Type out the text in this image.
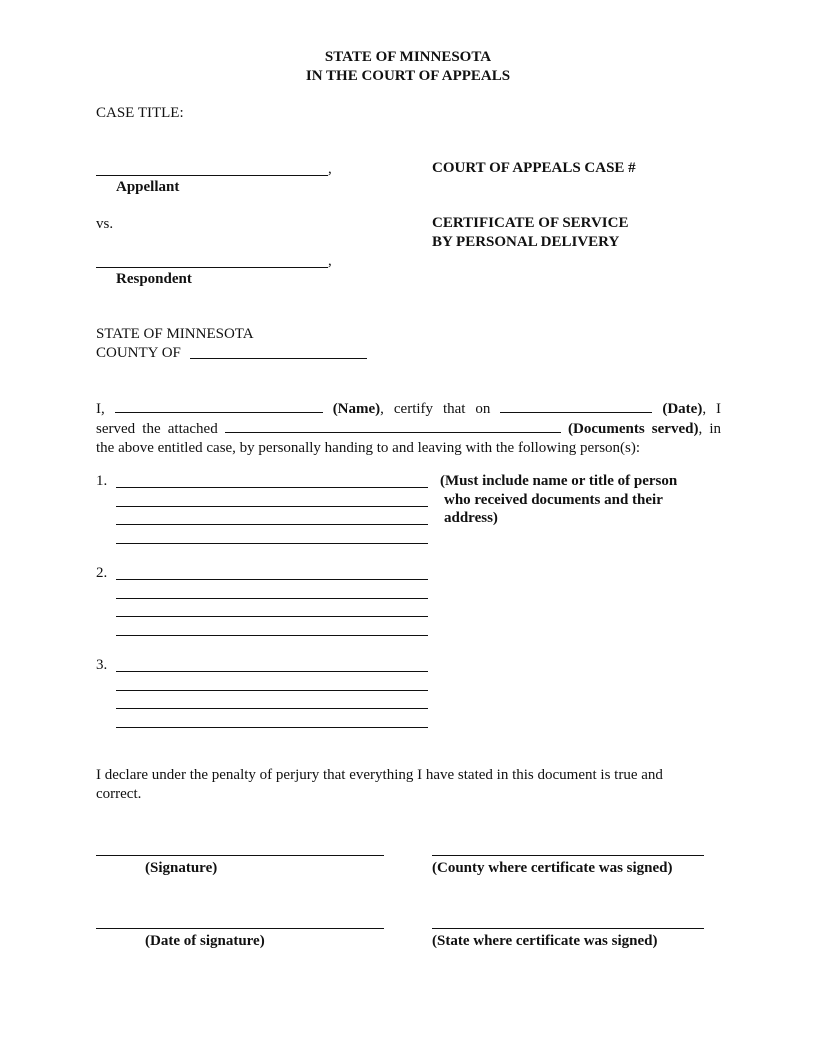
STATE OF MINNESOTA
IN THE COURT OF APPEALS
CASE TITLE:
,
Appellant
vs.
,
Respondent
COURT OF APPEALS CASE #
CERTIFICATE OF SERVICE
BY PERSONAL DELIVERY
STATE OF MINNESOTA
COUNTY OF
I,	(Name), certify that on	(Date), I
served the attached	(Documents served), in
the above entitled case, by personally handing to and leaving with the following person(s):
1.	(Must include name or title of person
who received documents and their
address)
2.
3.
I declare under the penalty of perjury that everything I have stated in this document is true and
correct.
(Signature)	(County where certificate was signed)
(Date of signature)	(State where certificate was signed)
